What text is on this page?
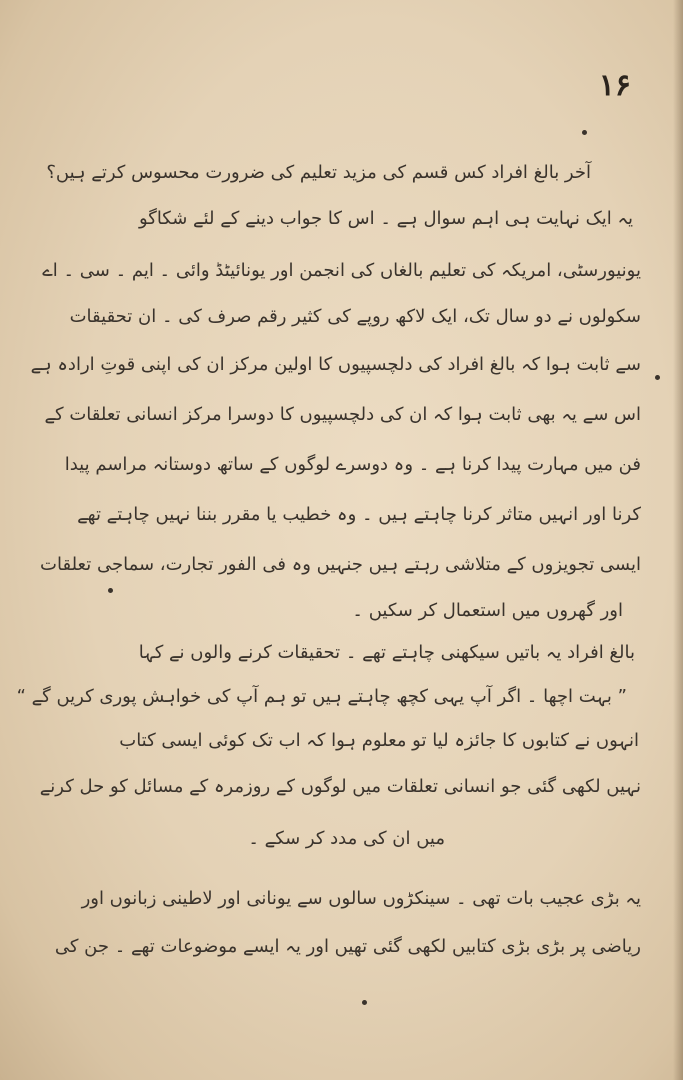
۱۶
آخر بالغ افراد کس قسم کی مزید تعلیم کی ضرورت محسوس کرتے ہیں؟
یہ ایک نہایت ہی اہم سوال ہے ۔ اس کا جواب دینے کے لئے شکاگو
یونیورسٹی، امریکہ کی تعلیم بالغاں کی انجمن اور یونائیٹڈ وائی ۔ ایم ۔ سی ۔ اے
سکولوں نے دو سال تک، ایک لاکھ روپے کی کثیر رقم صرف کی ۔ ان تحقیقات
سے ثابت ہوا کہ بالغ افراد کی دلچسپیوں کا اولین مرکز ان کی اپنی قوتِ ارادہ ہے
اس سے یہ بھی ثابت ہوا کہ ان کی دلچسپیوں کا دوسرا مرکز انسانی تعلقات کے
فن میں مہارت پیدا کرنا ہے ۔ وہ دوسرے لوگوں کے ساتھ دوستانہ مراسم پیدا
کرنا اور انہیں متاثر کرنا چاہتے ہیں ۔ وہ خطیب یا مقرر بننا نہیں چاہتے تھے
ایسی تجویزوں کے متلاشی رہتے ہیں جنہیں وہ فی الفور تجارت، سماجی تعلقات
اور گھروں میں استعمال کر سکیں ۔
بالغ افراد یہ باتیں سیکھنی چاہتے تھے ۔ تحقیقات کرنے والوں نے کہا
” بہت اچھا ۔ اگر آپ یہی کچھ چاہتے ہیں تو ہم آپ کی خواہش پوری کریں گے “
انہوں نے کتابوں کا جائزہ لیا تو معلوم ہوا کہ اب تک کوئی ایسی کتاب
نہیں لکھی گئی جو انسانی تعلقات میں لوگوں کے روزمرہ کے مسائل کو حل کرنے
میں ان کی مدد کر سکے ۔
یہ بڑی عجیب بات تھی ۔ سینکڑوں سالوں سے یونانی اور لاطینی زبانوں اور
ریاضی پر بڑی بڑی کتابیں لکھی گئی تھیں اور یہ ایسے موضوعات تھے ۔ جن کی
